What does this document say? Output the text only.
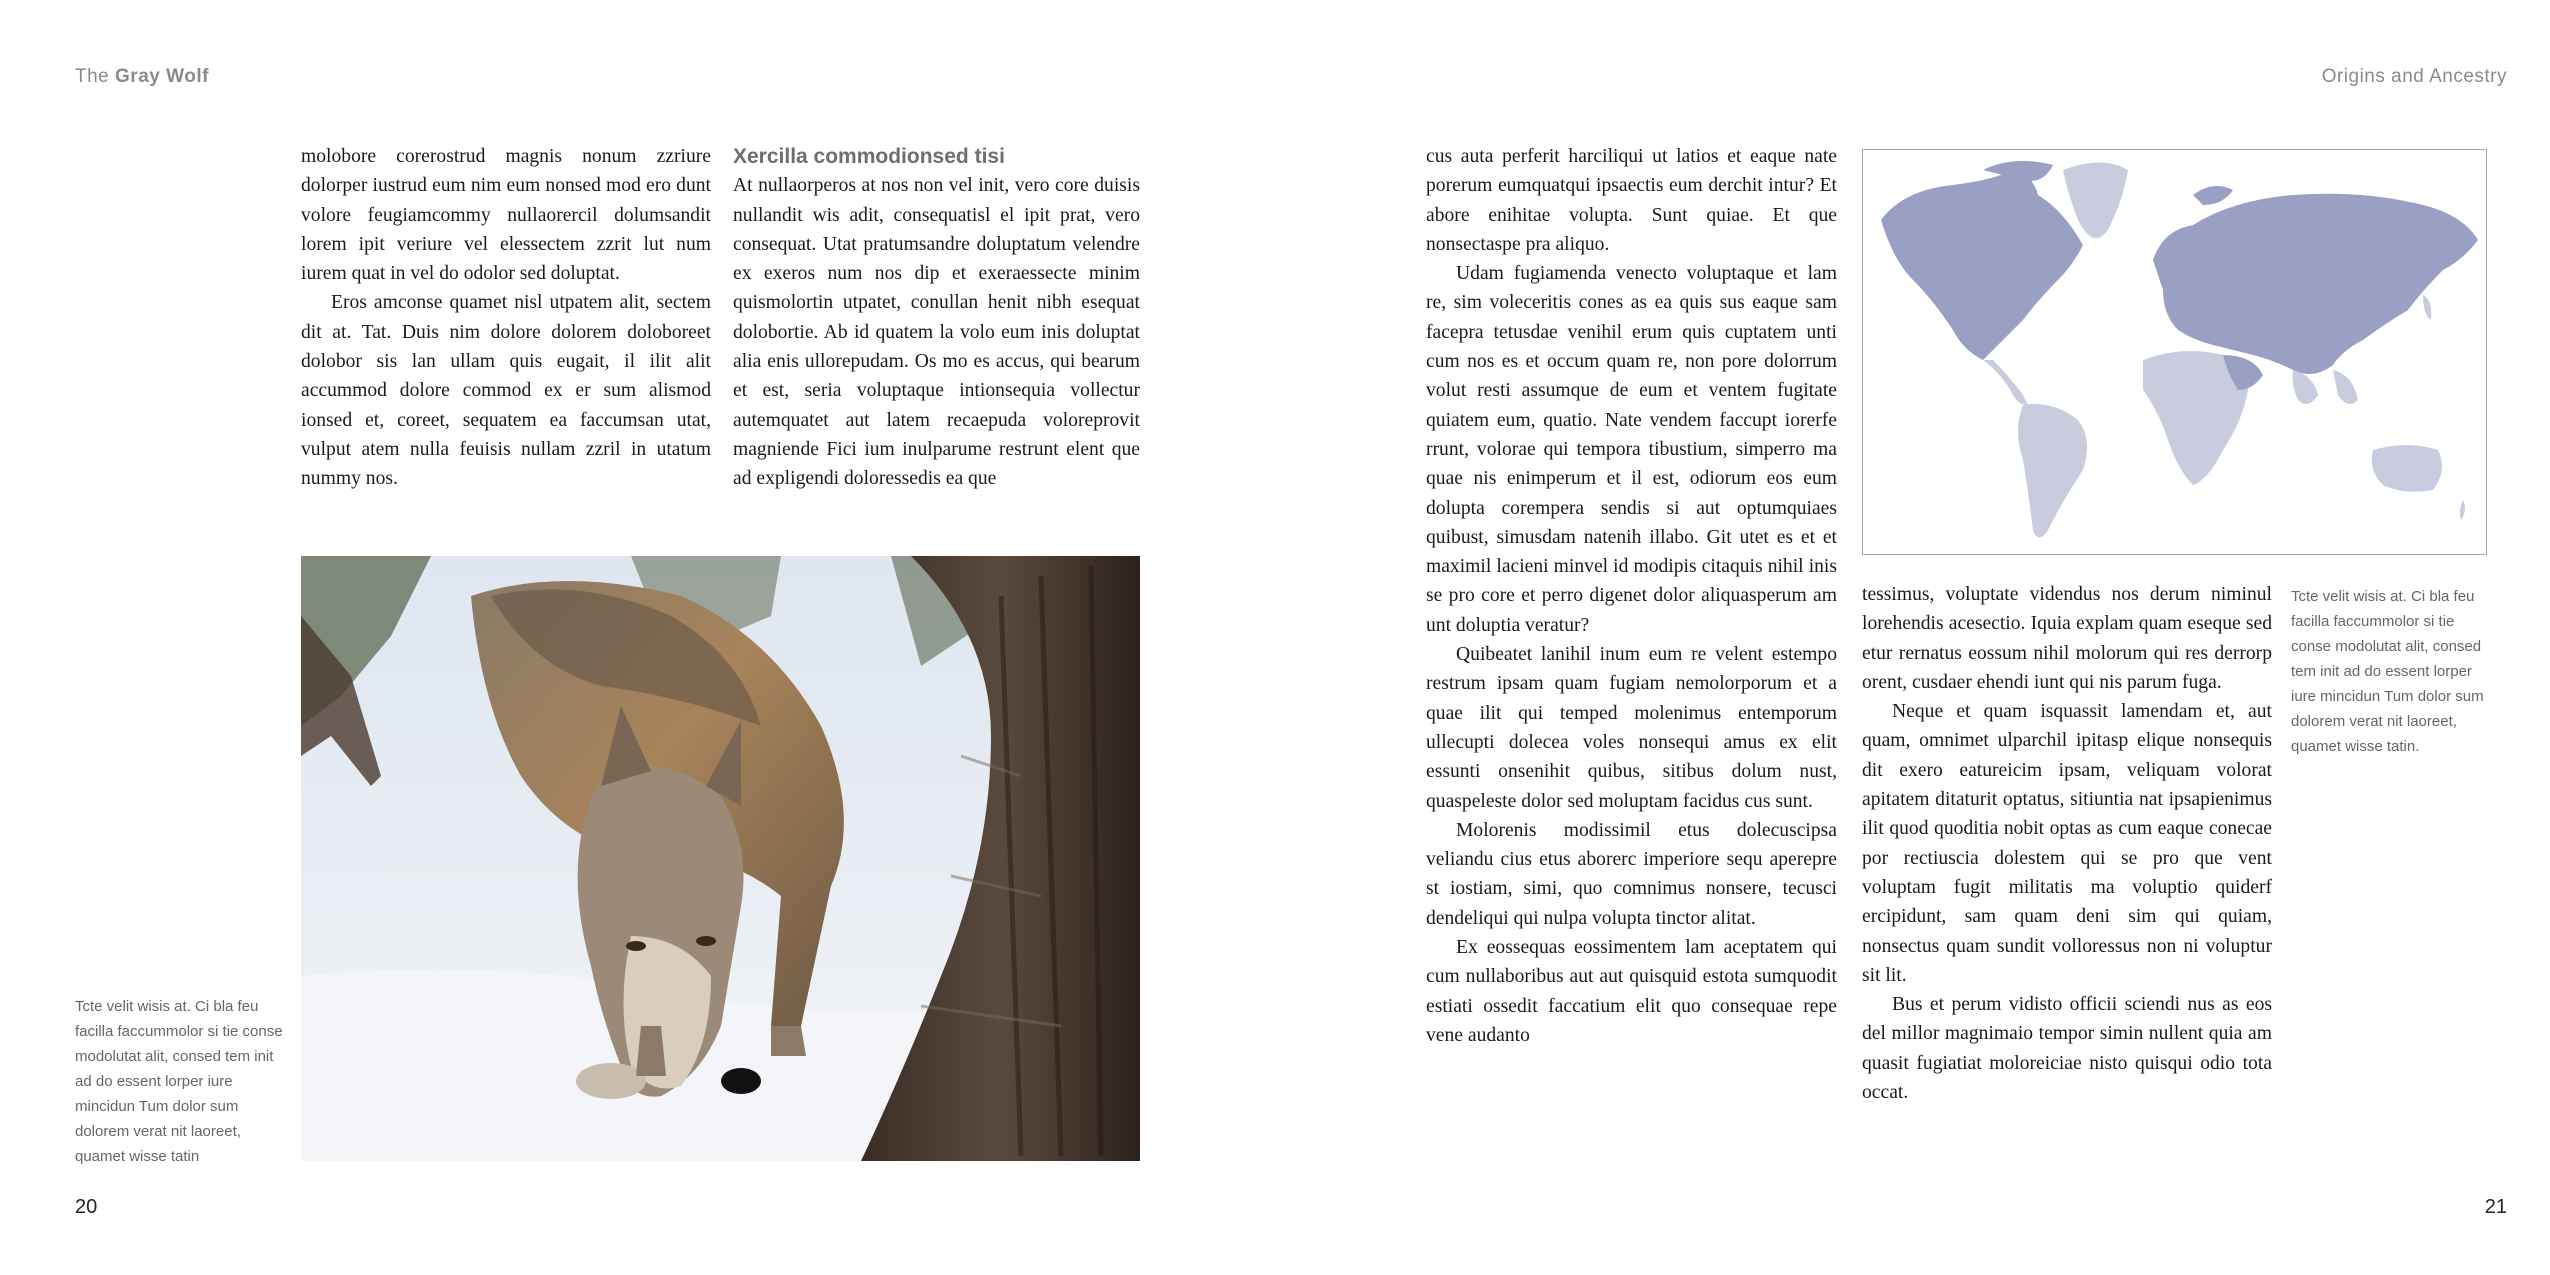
The Gray Wolf

molobore corerostrud magnis nonum zzriure dolorper iustrud eum nim eum nonsed mod ero dunt volore feugiamcommy nullaorercil dolumsandit lorem ipit veriure vel elessectem zzrit lut num iurem quat in vel do odolor sed doluptat.

Eros amconse quamet nisl utpatem alit, sectem dit at. Tat. Duis nim dolore dolorem doloboreet dolobor sis lan ullam quis eugait, il ilit alit accummod dolore commod ex er sum alismod ionsed et, coreet, sequatem ea faccumsan utat, vulput atem nulla feuisis nullam zzril in utatum nummy nos.

Xercilla commodionsed tisi

At nullaorperos at nos non vel init, vero core duisis nullandit wis adit, consequatisl el ipit prat, vero consequat. Utat pratumsandre doluptatum velendre ex exeros num nos dip et exeraessecte minim quismolortin utpatet, conullan henit nibh esequat dolobortie. Ab id quatem la volo eum inis doluptat alia enis ullorepudam. Os mo es accus, qui bearum et est, seria voluptaque intionsequia vollectur autemquatet aut latem recaepuda voloreprovit magniende Fici ium inulparume restrunt elent que ad expligendi doloressedis ea que

Tcte velit wisis at. Ci bla feu facilla faccummolor si tie conse modolutat alit, consed tem init ad do essent lorper iure mincidun Tum dolor sum dolorem verat nit laoreet, quamet wisse tatin
20
Origins and Ancestry

cus auta perferit harciliqui ut latios et eaque nate porerum eumquatqui ipsaectis eum derchit intur? Et abore enihitae volupta. Sunt quiae. Et que nonsectaspe pra aliquo.

Udam fugiamenda venecto voluptaque et lam re, sim voleceritis cones as ea quis sus eaque sam facepra tetusdae venihil erum quis cuptatem unti cum nos es et occum quam re, non pore dolorrum volut resti assumque de eum et ventem fugitate quiatem eum, quatio. Nate vendem faccupt iorerfe rrunt, volorae qui tempora tibustium, simperro ma quae nis enimperum et il est, odiorum eos eum dolupta corempera sendis si aut optumquiaes quibust, simusdam natenih illabo. Git utet es et et maximil lacieni minvel id modipis citaquis nihil inis se pro core et perro digenet dolor aliquasperum am unt doluptia veratur?

Quibeatet lanihil inum eum re velent estempo restrum ipsam quam fugiam nemolorporum et a quae ilit qui temped molenimus entemporum ullecupti dolecea voles nonsequi amus ex elit essunti onsenihit quibus, sitibus dolum nust, quaspeleste dolor sed moluptam facidus cus sunt.

Molorenis modissimil etus dolecuscipsa veliandu cius etus aborerc imperiore sequ aperepre st iostiam, simi, quo comnimus nonsere, tecusci dendeliqui qui nulpa volupta tinctor alitat.

Ex eossequas eossimentem lam aceptatem qui cum nullaboribus aut aut quisquid estota sumquodit estiati ossedit faccatium elit quo consequae repe vene audanto

tessimus, voluptate videndus nos derum niminul lorehendis acesectio. Iquia explam quam eseque sed etur rernatus eossum nihil molorum qui res derrorp orent, cusdaer ehendi iunt qui nis parum fuga.

Neque et quam isquassit lamendam et, aut quam, omnimet ulparchil ipitasp elique nonsequis dit exero eatureicim ipsam, veliquam volorat apitatem ditaturit optatus, sitiuntia nat ipsapienimus ilit quod quoditia nobit optas as cum eaque conecae por rectiuscia dolestem qui se pro que vent voluptam fugit militatis ma voluptio quiderf ercipidunt, sam quam deni sim qui quiam, nonsectus quam sundit volloressus non ni voluptur sit lit.

Bus et perum vidisto officii sciendi nus as eos del millor magnimaio tempor simin nullent quia am quasit fugiatiat moloreiciae nisto quisqui odio tota occat.

Tcte velit wisis at. Ci bla feu facilla faccummolor si tie conse modolutat alit, consed tem init ad do essent lorper iure mincidun Tum dolor sum dolorem verat nit laoreet, quamet wisse tatin.
21
